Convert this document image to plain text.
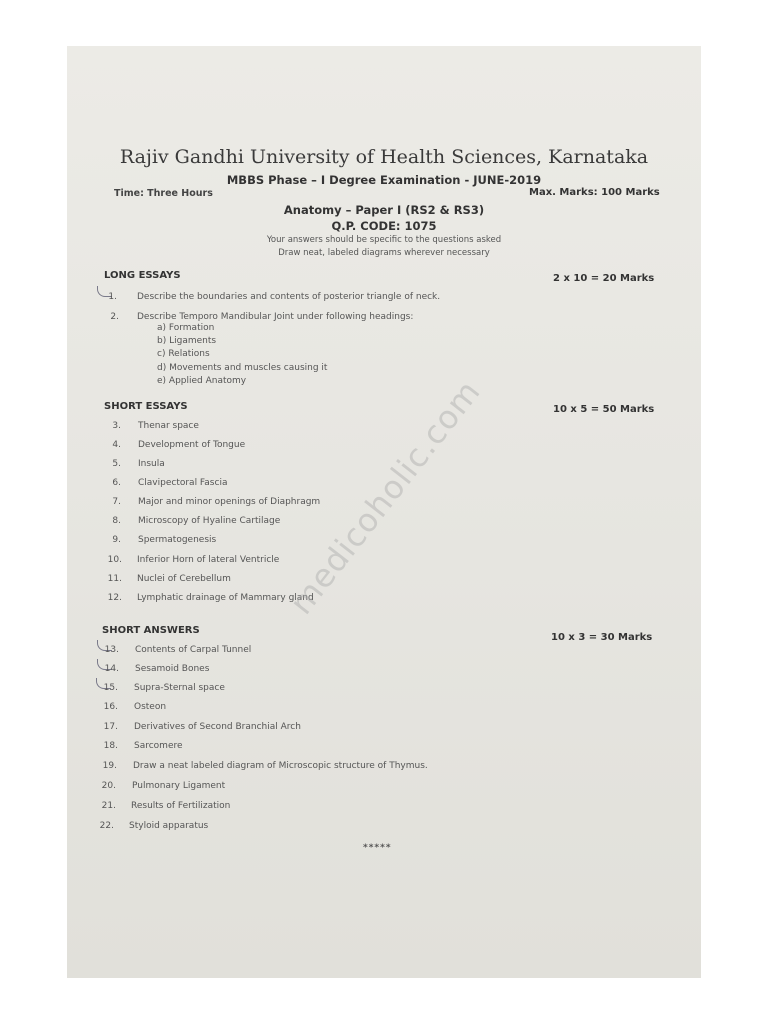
Rajiv Gandhi University of Health Sciences, Karnataka
MBBS Phase – I Degree Examination - JUNE-2019
Time: Three Hours	Max. Marks: 100 Marks
Anatomy – Paper I (RS2 & RS3)
Q.P. CODE: 1075
Your answers should be specific to the questions asked
Draw neat, labeled diagrams wherever necessary
LONG ESSAYS	2 x 10 = 20 Marks
1. Describe the boundaries and contents of posterior triangle of neck.
2. Describe Temporo Mandibular Joint under following headings:
a) Formation
b) Ligaments
c) Relations
d) Movements and muscles causing it
e) Applied Anatomy
SHORT ESSAYS	10 x 5 = 50 Marks
3. Thenar space
4. Development of Tongue
5. Insula
6. Clavipectoral Fascia
7. Major and minor openings of Diaphragm
8. Microscopy of Hyaline Cartilage
9. Spermatogenesis
10. Inferior Horn of lateral Ventricle
11. Nuclei of Cerebellum
12. Lymphatic drainage of Mammary gland
SHORT ANSWERS
10 x 3 = 30 Marks
13. Contents of Carpal Tunnel
14. Sesamoid Bones
15. Supra-Sternal space
16. Osteon
17. Derivatives of Second Branchial Arch
18. Sarcomere
19. Draw a neat labeled diagram of Microscopic structure of Thymus.
20. Pulmonary Ligament
21. Results of Fertilization
22. Styloid apparatus
*****
medicoholic.com
